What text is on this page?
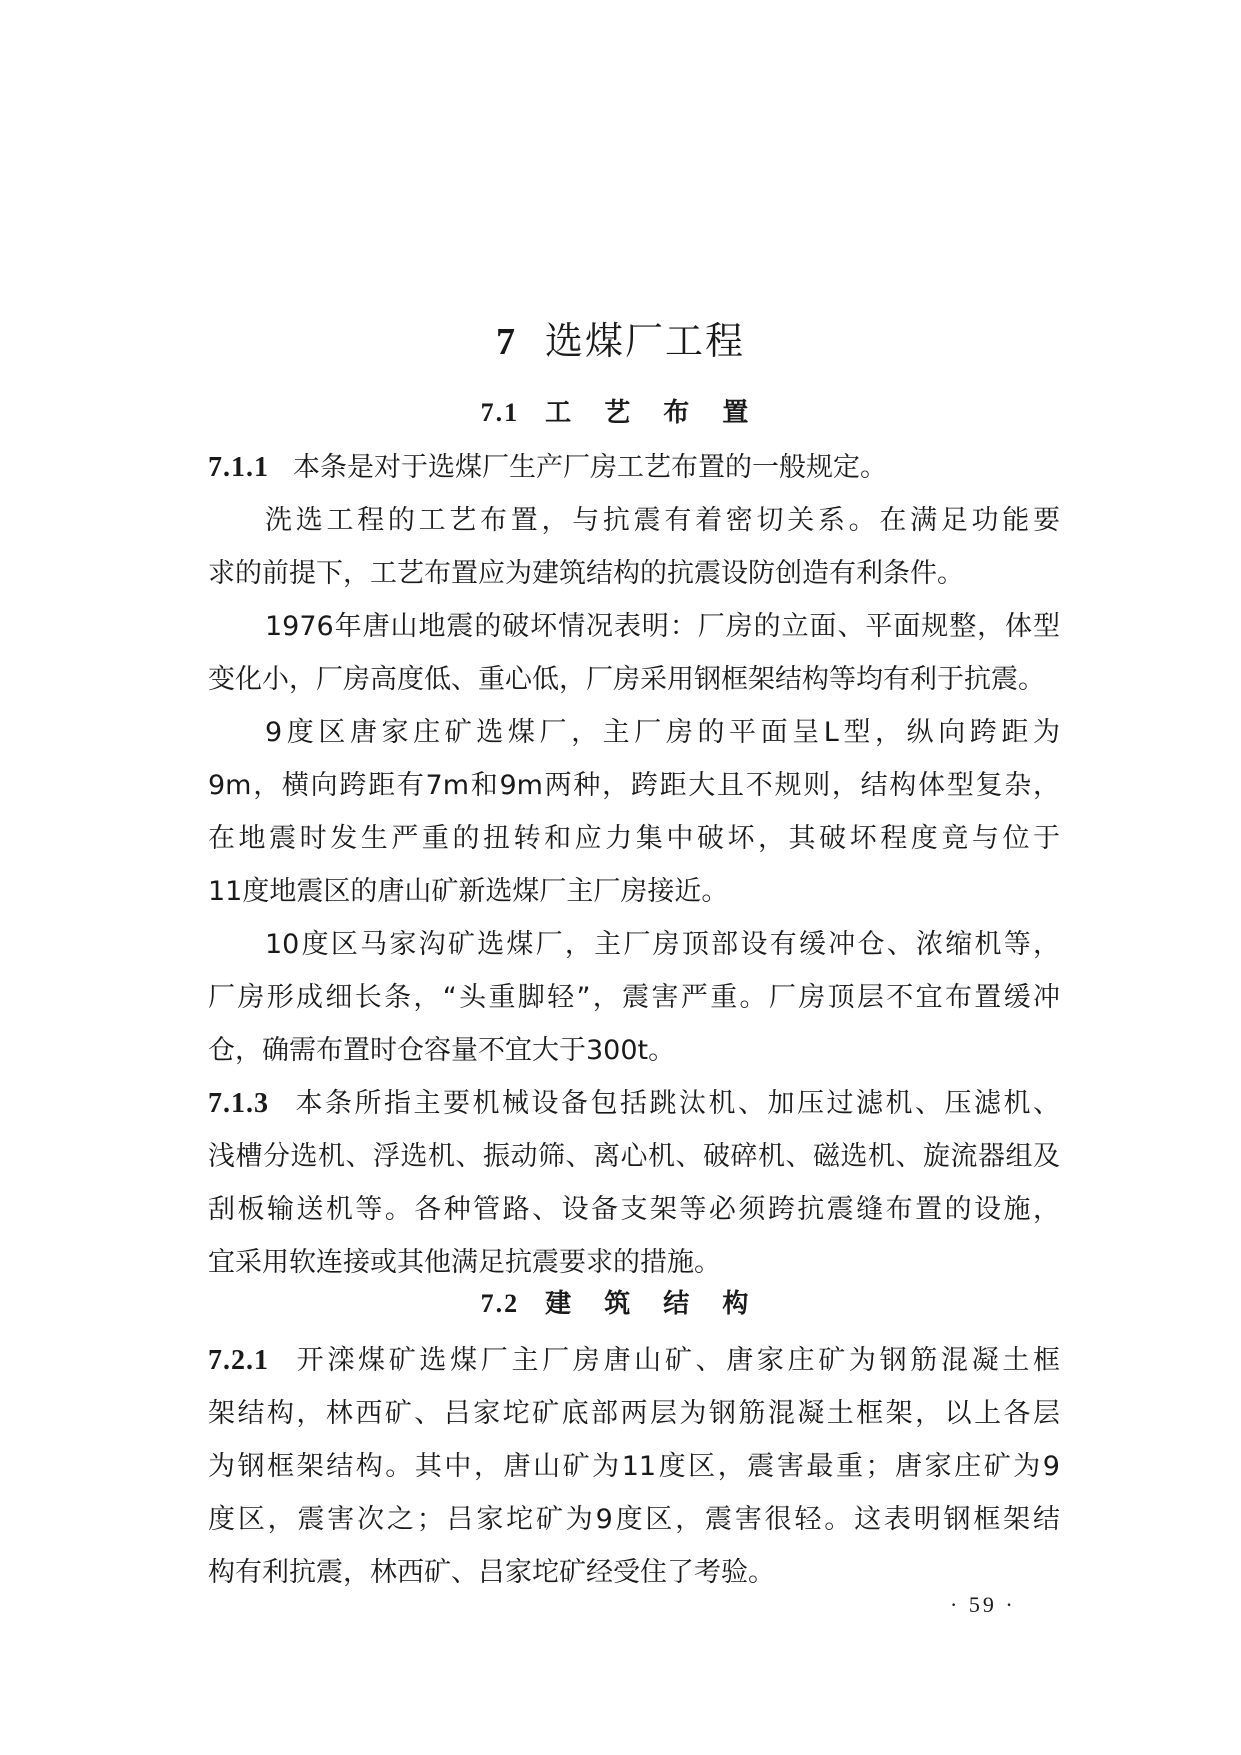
7 选煤厂工程
7.1 工 艺 布 置
7.1.1 本条是对于选煤厂生产厂房工艺布置的一般规定。
洗选工程的工艺布置，与抗震有着密切关系。在满足功能要
求的前提下，工艺布置应为建筑结构的抗震设防创造有利条件。
1976年唐山地震的破坏情况表明：厂房的立面、平面规整，体型
变化小，厂房高度低、重心低，厂房采用钢框架结构等均有利于抗震。
9度区唐家庄矿选煤厂，主厂房的平面呈L型，纵向跨距为
9m，横向跨距有7m和9m两种，跨距大且不规则，结构体型复杂，
在地震时发生严重的扭转和应力集中破坏，其破坏程度竟与位于
11度地震区的唐山矿新选煤厂主厂房接近。
10度区马家沟矿选煤厂，主厂房顶部设有缓冲仓、浓缩机等，
厂房形成细长条，“头重脚轻”，震害严重。厂房顶层不宜布置缓冲
仓，确需布置时仓容量不宜大于300t。
7.1.3 本条所指主要机械设备包括跳汰机、加压过滤机、压滤机、
浅槽分选机、浮选机、振动筛、离心机、破碎机、磁选机、旋流器组及
刮板输送机等。各种管路、设备支架等必须跨抗震缝布置的设施，
宜采用软连接或其他满足抗震要求的措施。
7.2 建 筑 结 构
7.2.1 开滦煤矿选煤厂主厂房唐山矿、唐家庄矿为钢筋混凝土框
架结构，林西矿、吕家坨矿底部两层为钢筋混凝土框架，以上各层
为钢框架结构。其中，唐山矿为11度区，震害最重；唐家庄矿为9
度区，震害次之；吕家坨矿为9度区，震害很轻。这表明钢框架结
构有利抗震，林西矿、吕家坨矿经受住了考验。
· 59 ·
